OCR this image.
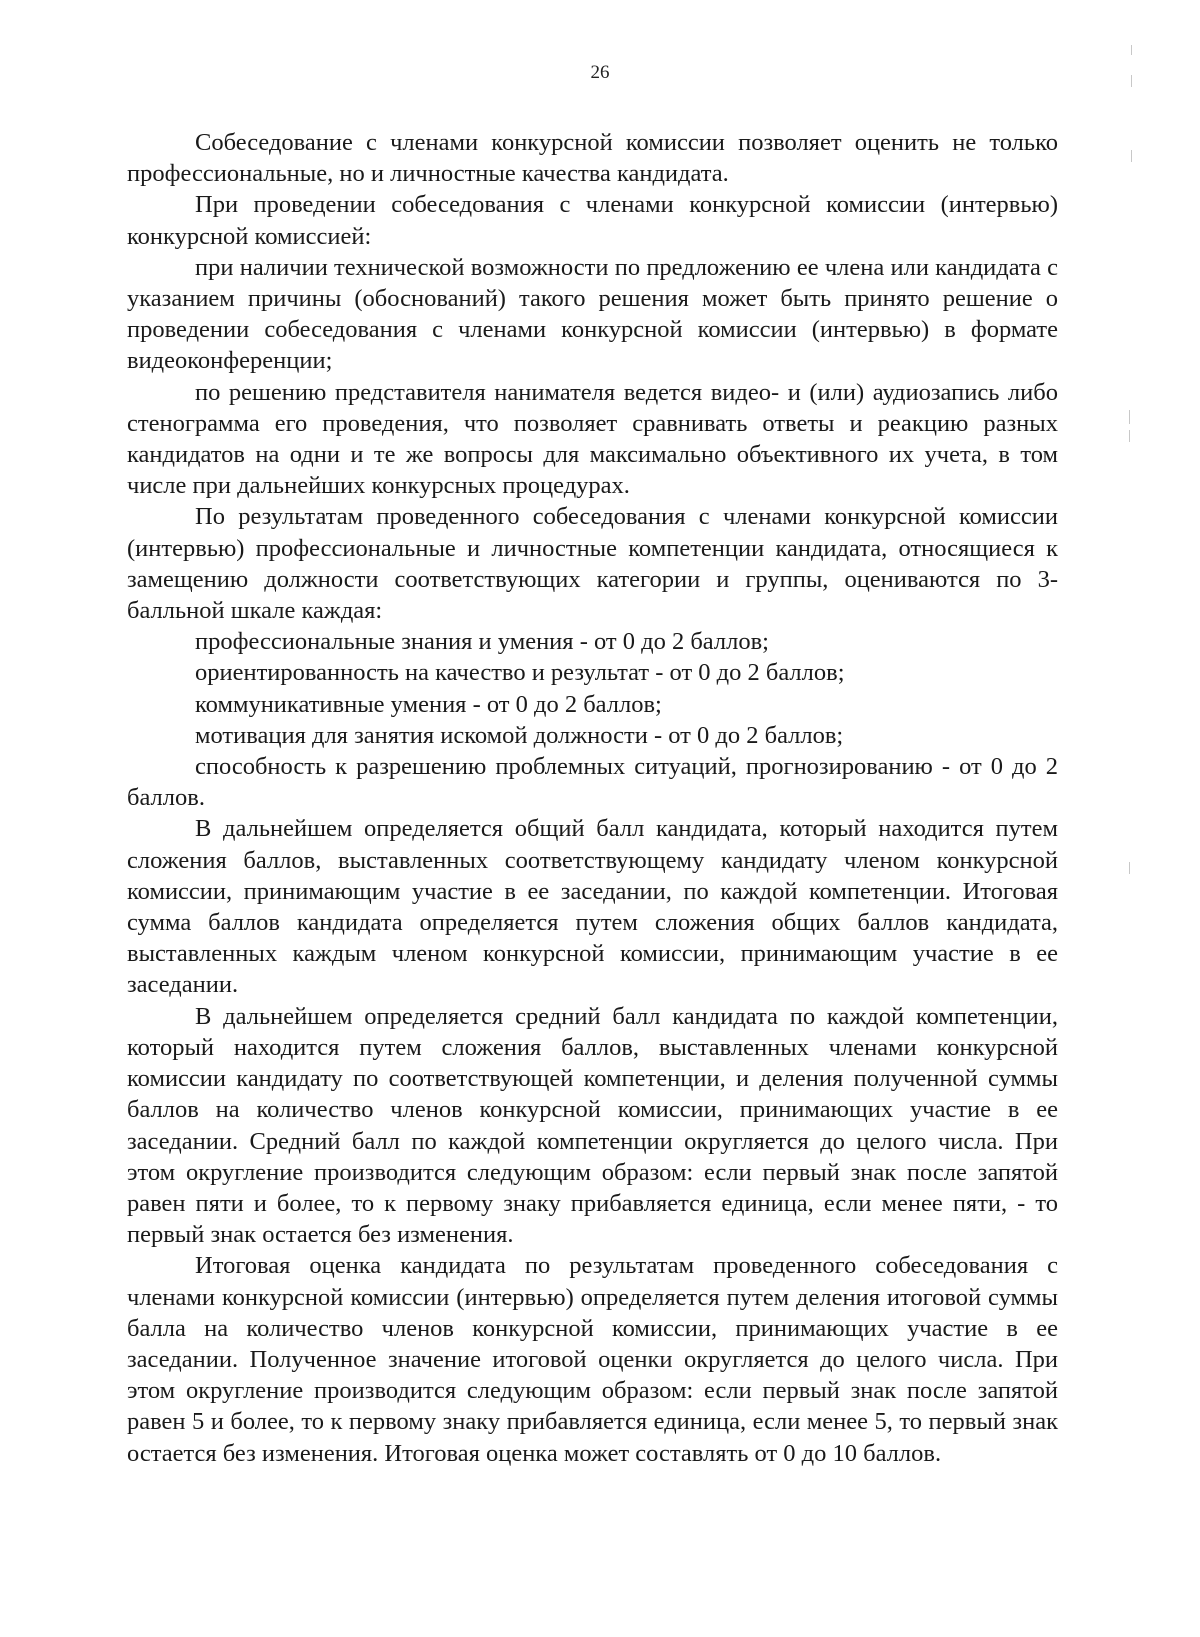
26

Собеседование с членами конкурсной комиссии позволяет оценить не только профессиональные, но и личностные качества кандидата.

При проведении собеседования с членами конкурсной комиссии (интервью) конкурсной комиссией:

при наличии технической возможности по предложению ее члена или кандидата с указанием причины (обоснований) такого решения может быть принято решение о проведении собеседования с членами конкурсной комиссии (интервью) в формате видеоконференции;

по решению представителя нанимателя ведется видео- и (или) аудиозапись либо стенограмма его проведения, что позволяет сравнивать ответы и реакцию разных кандидатов на одни и те же вопросы для максимально объективного их учета, в том числе при дальнейших конкурсных процедурах.

По результатам проведенного собеседования с членами конкурсной комиссии (интервью) профессиональные и личностные компетенции кандидата, относящиеся к замещению должности соответствующих категории и группы, оцениваются по 3-балльной шкале каждая:

профессиональные знания и умения - от 0 до 2 баллов;

ориентированность на качество и результат - от 0 до 2 баллов;

коммуникативные умения - от 0 до 2 баллов;

мотивация для занятия искомой должности - от 0 до 2 баллов;

способность к разрешению проблемных ситуаций, прогнозированию - от 0 до 2 баллов.

В дальнейшем определяется общий балл кандидата, который находится путем сложения баллов, выставленных соответствующему кандидату членом конкурсной комиссии, принимающим участие в ее заседании, по каждой компетенции. Итоговая сумма баллов кандидата определяется путем сложения общих баллов кандидата, выставленных каждым членом конкурсной комиссии, принимающим участие в ее заседании.

В дальнейшем определяется средний балл кандидата по каждой компетенции, который находится путем сложения баллов, выставленных членами конкурсной комиссии кандидату по соответствующей компетенции, и деления полученной суммы баллов на количество членов конкурсной комиссии, принимающих участие в ее заседании. Средний балл по каждой компетенции округляется до целого числа. При этом округление производится следующим образом: если первый знак после запятой равен пяти и более, то к первому знаку прибавляется единица, если менее пяти, - то первый знак остается без изменения.

Итоговая оценка кандидата по результатам проведенного собеседования с членами конкурсной комиссии (интервью) определяется путем деления итоговой суммы балла на количество членов конкурсной комиссии, принимающих участие в ее заседании. Полученное значение итоговой оценки округляется до целого числа. При этом округление производится следующим образом: если первый знак после запятой равен 5 и более, то к первому знаку прибавляется единица, если менее 5, то первый знак остается без изменения. Итоговая оценка может составлять от 0 до 10 баллов.
